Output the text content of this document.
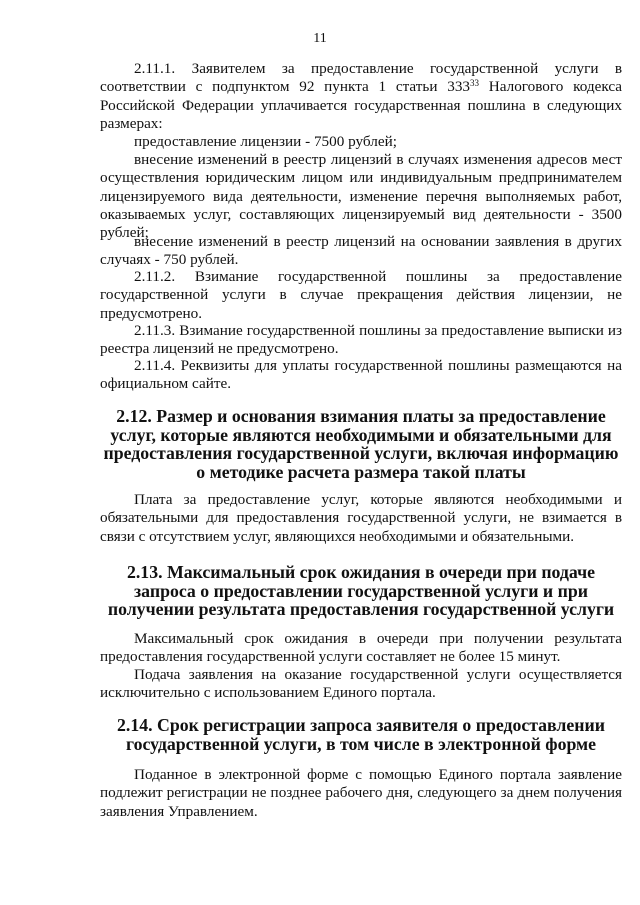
11

2.11.1. Заявителем за предоставление государственной услуги в соответствии с подпунктом 92 пункта 1 статьи $333^{33}$ Налогового кодекса Российской Федерации уплачивается государственная пошлина в следующих размерах:

предоставление лицензии - 7500 рублей;

внесение изменений в реестр лицензий в случаях изменения адресов мест осуществления юридическим лицом или индивидуальным предпринимателем лицензируемого вида деятельности, изменение перечня выполняемых работ, оказываемых услуг, составляющих лицензируемый вид деятельности - 3500 рублей;

внесение изменений в реестр лицензий на основании заявления в других случаях - 750 рублей.

2.11.2. Взимание государственной пошлины за предоставление государственной услуги в случае прекращения действия лицензии, не предусмотрено.

2.11.3. Взимание государственной пошлины за предоставление выписки из реестра лицензий не предусмотрено.

2.11.4. Реквизиты для уплаты государственной пошлины размещаются на официальном сайте.

2.12. Размер и основания взимания платы за предоставление услуг, которые являются необходимыми и обязательными для предоставления государственной услуги, включая информацию о методике расчета размера такой платы

Плата за предоставление услуг, которые являются необходимыми и обязательными для предоставления государственной услуги, не взимается в связи с отсутствием услуг, являющихся необходимыми и обязательными.

2.13. Максимальный срок ожидания в очереди при подаче запроса о предоставлении государственной услуги и при получении результата предоставления государственной услуги

Максимальный срок ожидания в очереди при получении результата предоставления государственной услуги составляет не более 15 минут.

Подача заявления на оказание государственной услуги осуществляется исключительно с использованием Единого портала.

2.14. Срок регистрации запроса заявителя о предоставлении государственной услуги, в том числе в электронной форме

Поданное в электронной форме с помощью Единого портала заявление подлежит регистрации не позднее рабочего дня, следующего за днем получения заявления Управлением.
